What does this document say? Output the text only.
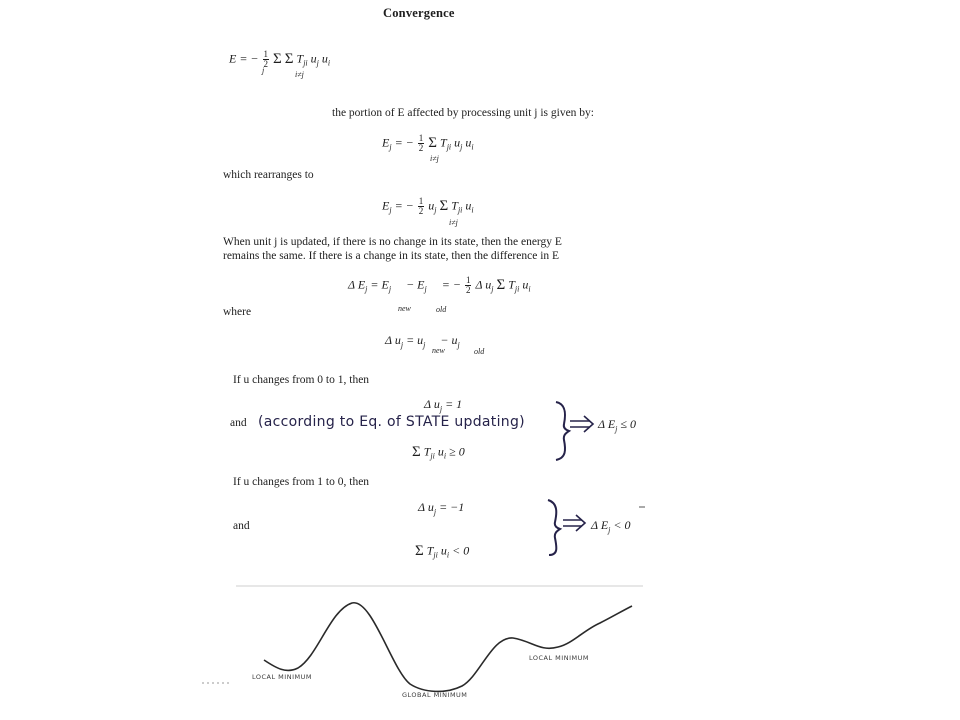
Convergence
E = − $\frac{1}{2}$ Σ Σ $T_{ji}$ $u_j$ $u_i$
j	i≠j
the portion of E affected by processing unit j is given by:
$E_j$ = − $\frac{1}{2}$ Σ $T_{ji}$ $u_j$ $u_i$
i≠j
which rearranges to
$E_j$ = − $\frac{1}{2} u_j$ Σ $T_{ji}$ $u_i$
i≠j
When unit j is updated, if there is no change in its state, then the energy E
remains the same. If there is a change in its state, then the difference in E
Δ $E_j = E_j$     − $E_j$     = − $\frac{1}{2}$ Δ $u_j$ Σ $T_{ji}$ $u_i$
new	old
where
Δ $u_j = u_j$     − $u_j$
new	old
If u changes from 0 to 1, then
Δ $u_j = 1$
and (according to Eq. of STATE updating)
Σ $T_{ji}$ $u_i \ge 0$
Δ $E_j \le 0$
If u changes from 1 to 0, then
Δ $u_j = -1$
and
Σ $T_{ji}$ $u_i < 0$
Δ $E_j < 0$
LOCAL MINIMUM
GLOBAL MINIMUM
LOCAL MINIMUM
